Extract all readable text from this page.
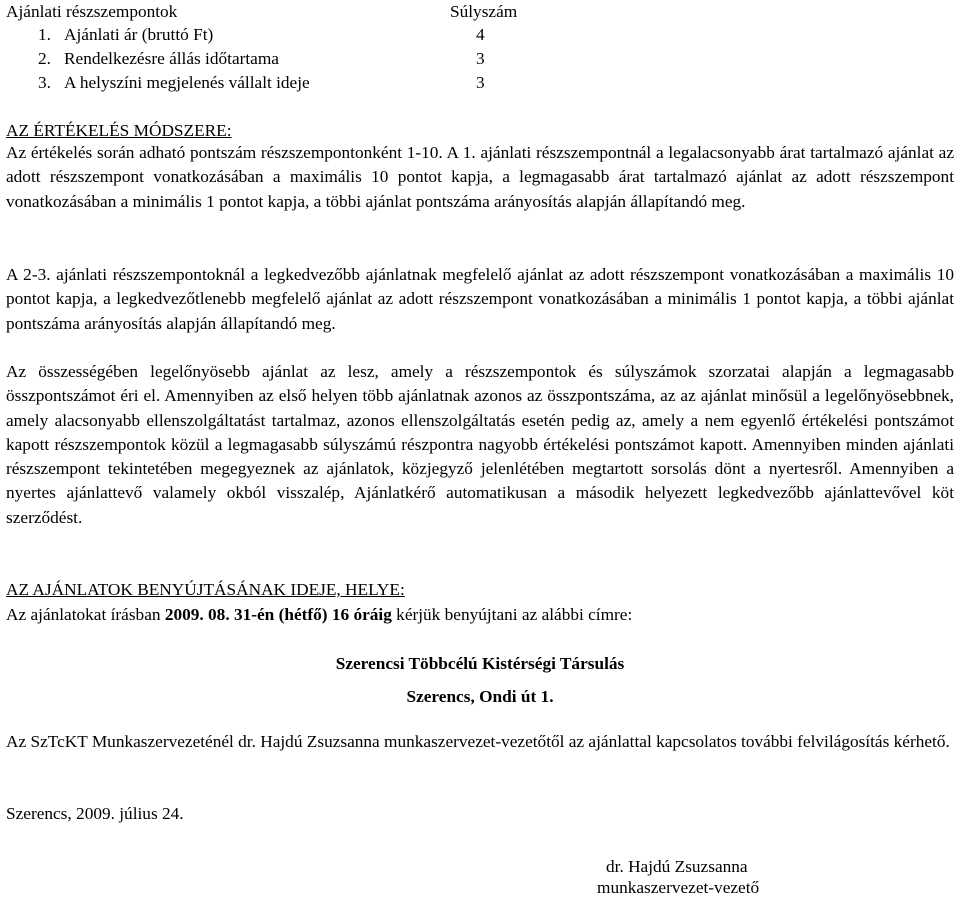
Ajánlati részszempontok	Súlyszám
1. Ajánlati ár (bruttó Ft)	4
2. Rendelkezésre állás időtartama	3
3. A helyszíni megjelenés vállalt ideje	3
AZ ÉRTÉKELÉS MÓDSZERE:
Az értékelés során adható pontszám részszempontonként 1-10. A 1. ajánlati részszempontnál a legalacsonyabb árat tartalmazó ajánlat az adott részszempont vonatkozásában a maximális 10 pontot kapja, a legmagasabb árat tartalmazó ajánlat az adott részszempont vonatkozásában a minimális 1 pontot kapja, a többi ajánlat pontszáma arányosítás alapján állapítandó meg.
A 2-3. ajánlati részszempontoknál a legkedvezőbb ajánlatnak megfelelő ajánlat az adott részszempont vonatkozásában a maximális 10 pontot kapja, a legkedvezőtlenebb megfelelő ajánlat az adott részszempont vonatkozásában a minimális 1 pontot kapja, a többi ajánlat pontszáma arányosítás alapján állapítandó meg.
Az összességében legelőnyösebb ajánlat az lesz, amely a részszempontok és súlyszámok szorzatai alapján a legmagasabb összpontszámot éri el. Amennyiben az első helyen több ajánlatnak azonos az összpontszáma, az az ajánlat minősül a legelőnyösebbnek, amely alacsonyabb ellenszolgáltatást tartalmaz, azonos ellenszolgáltatás esetén pedig az, amely a nem egyenlő értékelési pontszámot kapott részszempontok közül a legmagasabb súlyszámú részpontra nagyobb értékelési pontszámot kapott. Amennyiben minden ajánlati részszempont tekintetében megegyeznek az ajánlatok, közjegyző jelenlétében megtartott sorsolás dönt a nyertesről. Amennyiben a nyertes ajánlattevő valamely okból visszalép, Ajánlatkérő automatikusan a második helyezett legkedvezőbb ajánlattevővel köt szerződést.
AZ AJÁNLATOK BENYÚJTÁSÁNAK IDEJE, HELYE:
Az ajánlatokat írásban 2009. 08. 31-én (hétfő) 16 óráig kérjük benyújtani az alábbi címre:
Szerencsi Többcélú Kistérségi Társulás
Szerencs, Ondi út 1.
Az SzTcKT Munkaszervezeténél dr. Hajdú Zsuzsanna munkaszervezet-vezetőtől az ajánlattal kapcsolatos további felvilágosítás kérhető.
Szerencs, 2009. július 24.
dr. Hajdú Zsuzsanna
munkaszervezet-vezető
